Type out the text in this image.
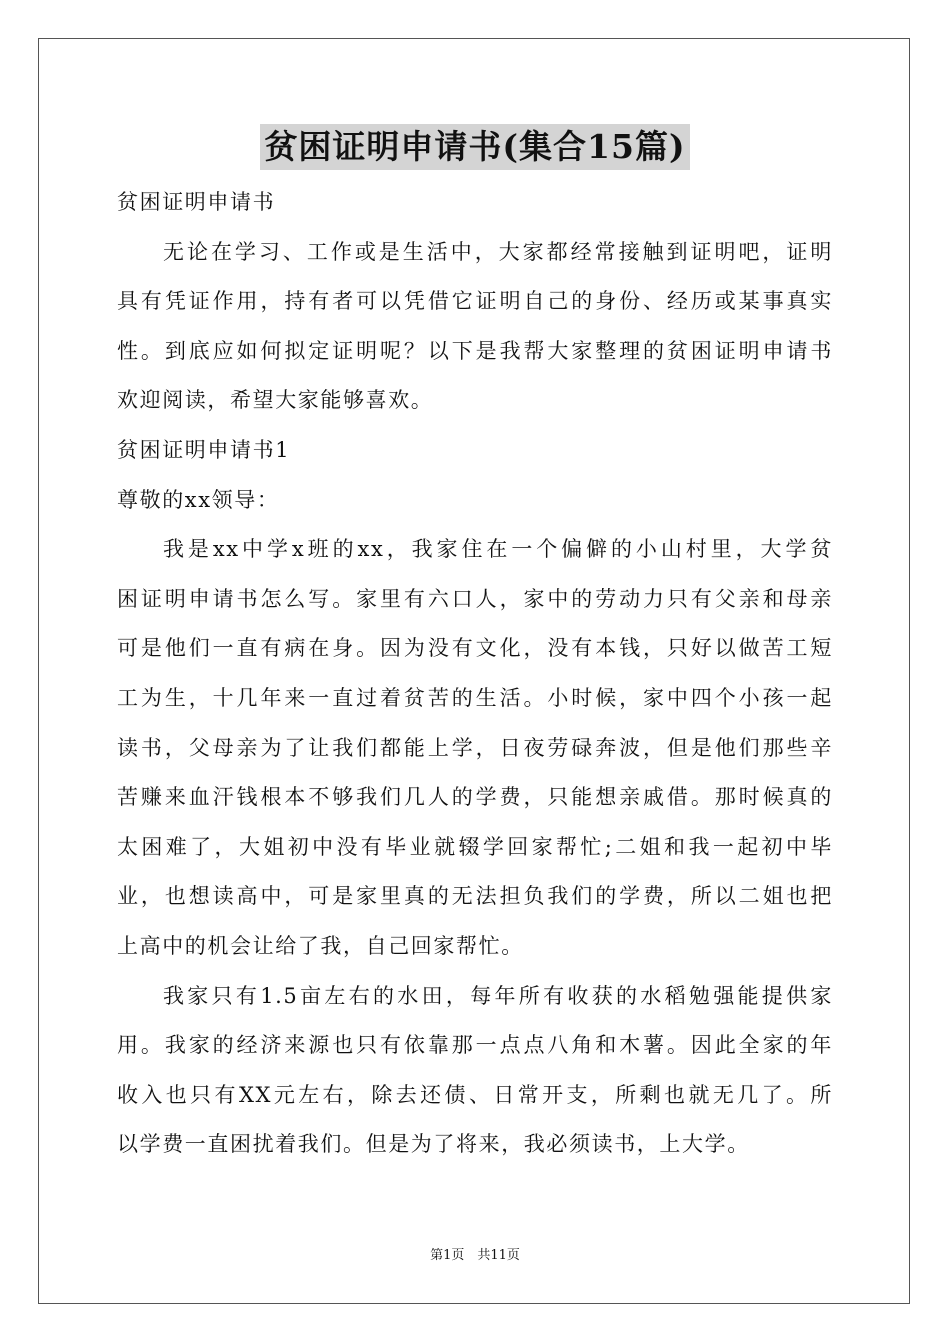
贫困证明申请书(集合15篇)
贫困证明申请书
无论在学习、工作或是生活中，大家都经常接触到证明吧，证明
具有凭证作用，持有者可以凭借它证明自己的身份、经历或某事真实
性。到底应如何拟定证明呢？以下是我帮大家整理的贫困证明申请书
欢迎阅读，希望大家能够喜欢。
贫困证明申请书1
尊敬的xx领导：
我是xx中学x班的xx，我家住在一个偏僻的小山村里，大学贫
困证明申请书怎么写。家里有六口人，家中的劳动力只有父亲和母亲
可是他们一直有病在身。因为没有文化，没有本钱，只好以做苦工短
工为生，十几年来一直过着贫苦的生活。小时候，家中四个小孩一起
读书，父母亲为了让我们都能上学，日夜劳碌奔波，但是他们那些辛
苦赚来血汗钱根本不够我们几人的学费，只能想亲戚借。那时候真的
太困难了，大姐初中没有毕业就辍学回家帮忙;二姐和我一起初中毕
业，也想读高中，可是家里真的无法担负我们的学费，所以二姐也把
上高中的机会让给了我，自己回家帮忙。
我家只有1.5亩左右的水田，每年所有收获的水稻勉强能提供家
用。我家的经济来源也只有依靠那一点点八角和木薯。因此全家的年
收入也只有XX元左右，除去还债、日常开支，所剩也就无几了。所
以学费一直困扰着我们。但是为了将来，我必须读书，上大学。
第1页　共11页
